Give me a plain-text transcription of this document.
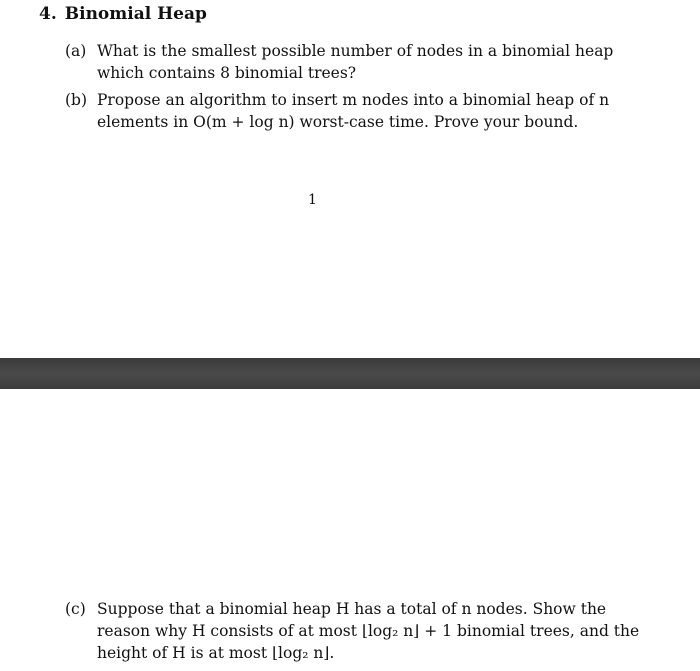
4. Binomial Heap
(a) What is the smallest possible number of nodes in a binomial heap
which contains 8 binomial trees?
(b) Propose an algorithm to insert m nodes into a binomial heap of n
elements in O(m + log n) worst-case time. Prove your bound.
1
(c) Suppose that a binomial heap H has a total of n nodes. Show the
reason why H consists of at most ⌊log₂ n⌋ + 1 binomial trees, and the
height of H is at most ⌊log₂ n⌋.
